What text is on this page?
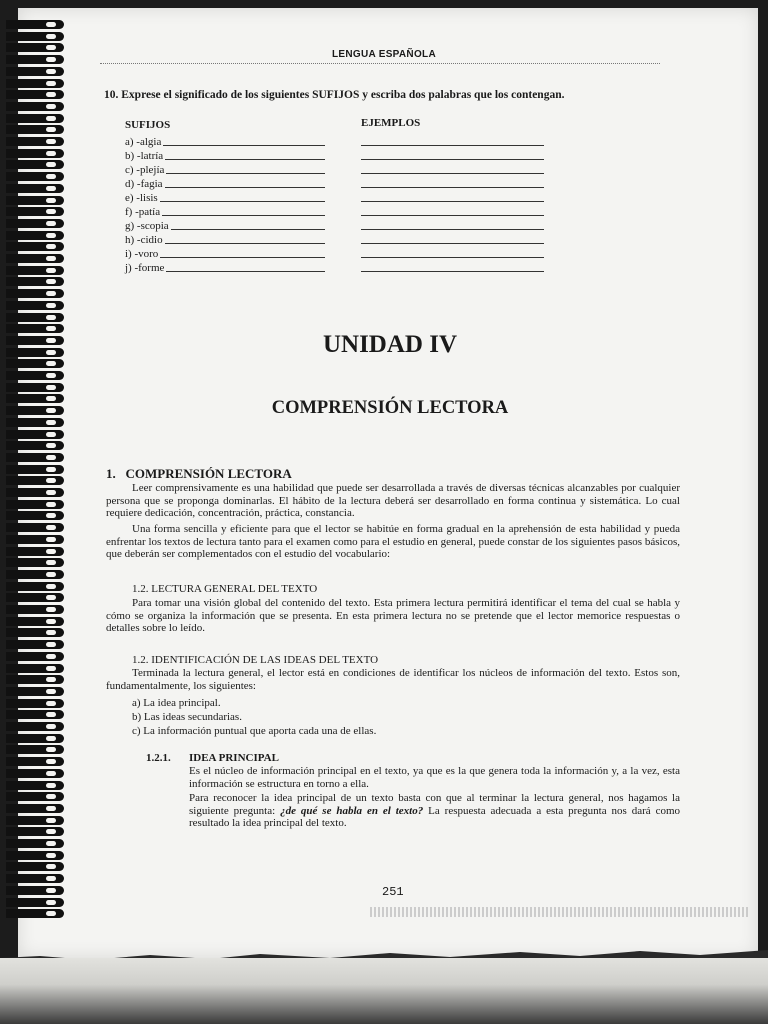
LENGUA ESPAÑOLA
10. Exprese el significado de los siguientes SUFIJOS y escriba dos palabras que los contengan.
SUFIJOS	EJEMPLOS
a) -algia
b) -latría
c) -plejía
d) -fagia
e) -lisis
f) -patía
g) -scopia
h) -cidio
i) -voro
j) -forme
UNIDAD IV
COMPRENSIÓN LECTORA
1.   COMPRENSIÓN LECTORA
Leer comprensivamente es una habilidad que puede ser desarrollada a través de diversas técnicas alcanzables por cualquier persona que se proponga dominarlas. El hábito de la lectura deberá ser desarrollado en forma continua y sistemática. Lo cual requiere dedicación, concentración, práctica, constancia.
Una forma sencilla y eficiente para que el lector se habitúe en forma gradual en la aprehensión de esta habilidad y pueda enfrentar los textos de lectura tanto para el examen como para el estudio en general, puede constar de los siguientes pasos básicos, que deberán ser complementados con el estudio del vocabulario:
1.2. LECTURA GENERAL DEL TEXTO
Para tomar una visión global del contenido del texto. Esta primera lectura permitirá identificar el tema del cual se habla y cómo se organiza la información que se presenta. En esta primera lectura no se pretende que el lector memorice respuestas o detalles sobre lo leído.
1.2. IDENTIFICACIÓN DE LAS IDEAS DEL TEXTO
Terminada la lectura general, el lector está en condiciones de identificar los núcleos de información del texto. Estos son, fundamentalmente, los siguientes:
a) La idea principal.
b) Las ideas secundarias.
c) La información puntual que aporta cada una de ellas.
1.2.1. IDEA PRINCIPAL
Es el núcleo de información principal en el texto, ya que es la que genera toda la información y, a la vez, esta información se estructura en torno a ella.
Para reconocer la idea principal de un texto basta con que al terminar la lectura general, nos hagamos la siguiente pregunta: ¿de qué se habla en el texto? La respuesta adecuada a esta pregunta nos dará como resultado la idea principal del texto.
251
